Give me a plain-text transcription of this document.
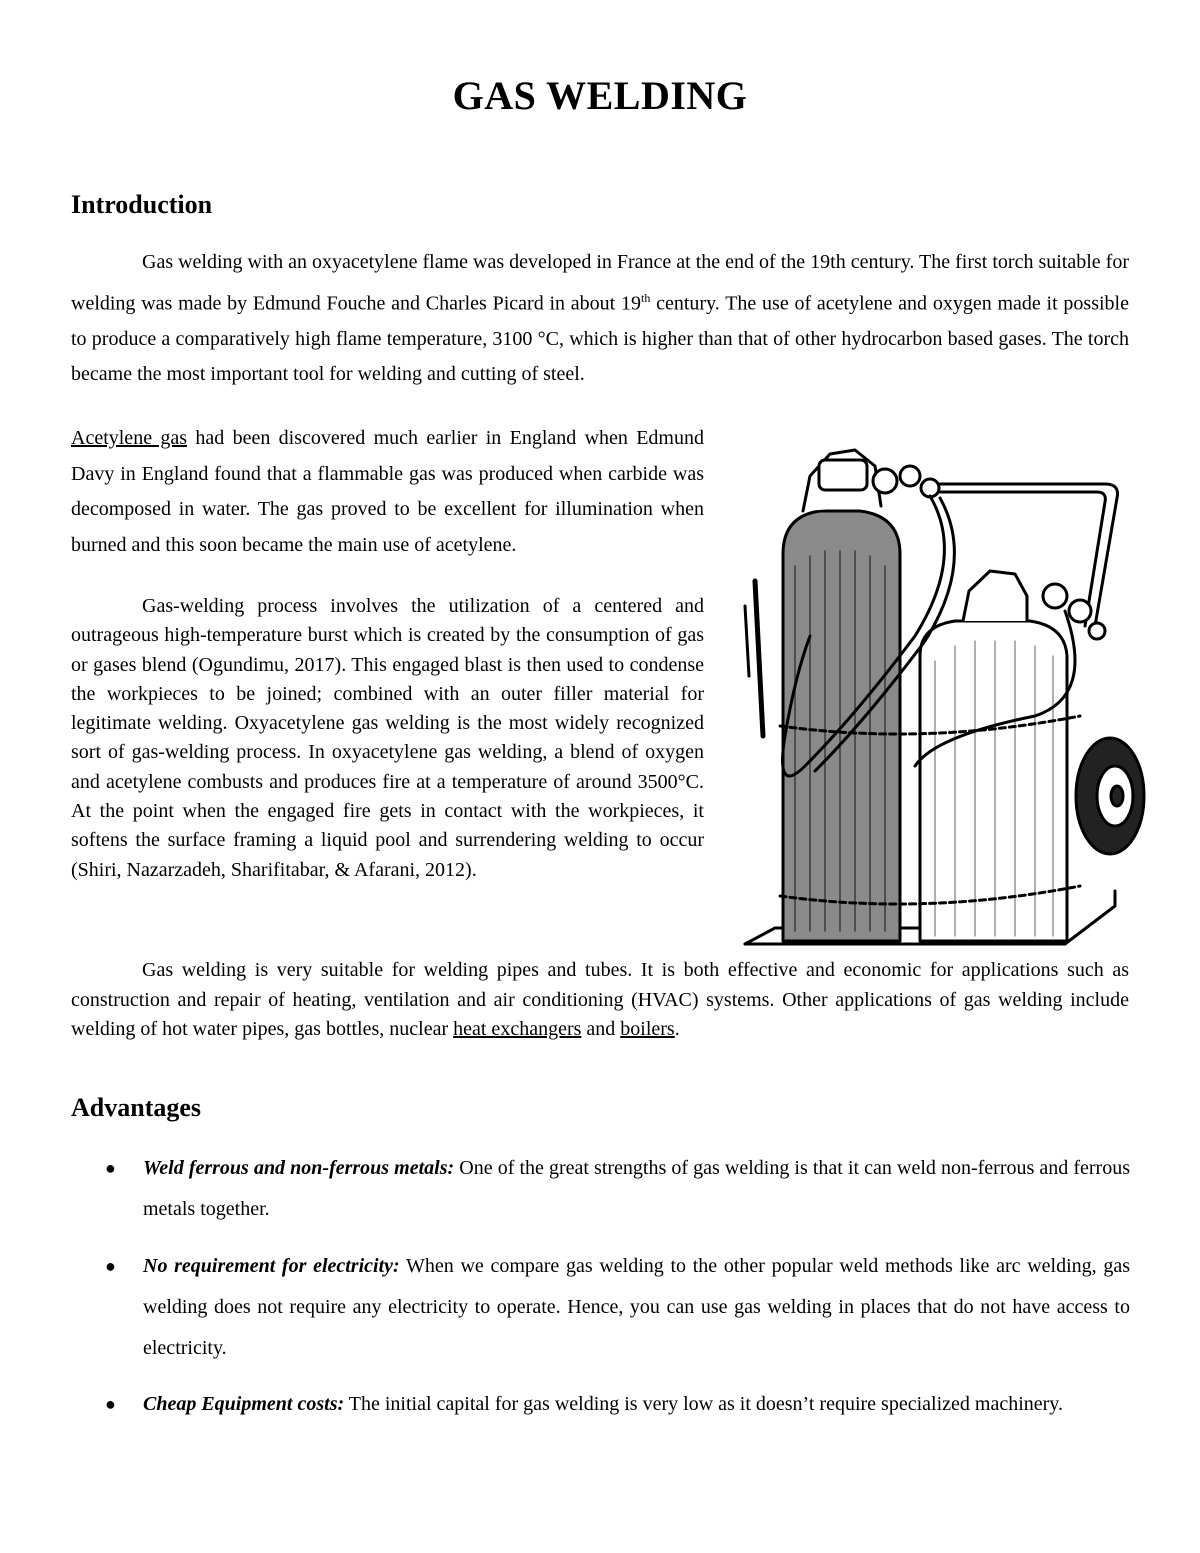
GAS WELDING
Introduction

Gas welding with an oxyacetylene flame was developed in France at the end of the 19th century. The first torch suitable for welding was made by Edmund Fouche and Charles Picard in about 19th century. The use of acetylene and oxygen made it possible to produce a comparatively high flame temperature, 3100 °C, which is higher than that of other hydrocarbon based gases. The torch became the most important tool for welding and cutting of steel.

Acetylene gas had been discovered much earlier in England when Edmund Davy in England found that a flammable gas was produced when carbide was decomposed in water. The gas proved to be excellent for illumination when burned and this soon became the main use of acetylene.

Gas-welding process involves the utilization of a centered and outrageous high-temperature burst which is created by the consumption of gas or gases blend (Ogundimu, 2017). This engaged blast is then used to condense the workpieces to be joined; combined with an outer filler material for legitimate welding. Oxyacetylene gas welding is the most widely recognized sort of gas-welding process. In oxyacetylene gas welding, a blend of oxygen and acetylene combusts and produces fire at a temperature of around 3500°C. At the point when the engaged fire gets in contact with the workpieces, it softens the surface framing a liquid pool and surrendering welding to occur (Shiri, Nazarzadeh, Sharifitabar, & Afarani, 2012).

Gas welding is very suitable for welding pipes and tubes. It is both effective and economic for applications such as construction and repair of heating, ventilation and air conditioning (HVAC) systems. Other applications of gas welding include welding of hot water pipes, gas bottles, nuclear heat exchangers and boilers.

Advantages
● Weld ferrous and non-ferrous metals: One of the great strengths of gas welding is that it can weld non-ferrous and ferrous metals together.
● No requirement for electricity: When we compare gas welding to the other popular weld methods like arc welding, gas welding does not require any electricity to operate. Hence, you can use gas welding in places that do not have access to electricity.
● Cheap Equipment costs: The initial capital for gas welding is very low as it doesn’t require specialized machinery.
